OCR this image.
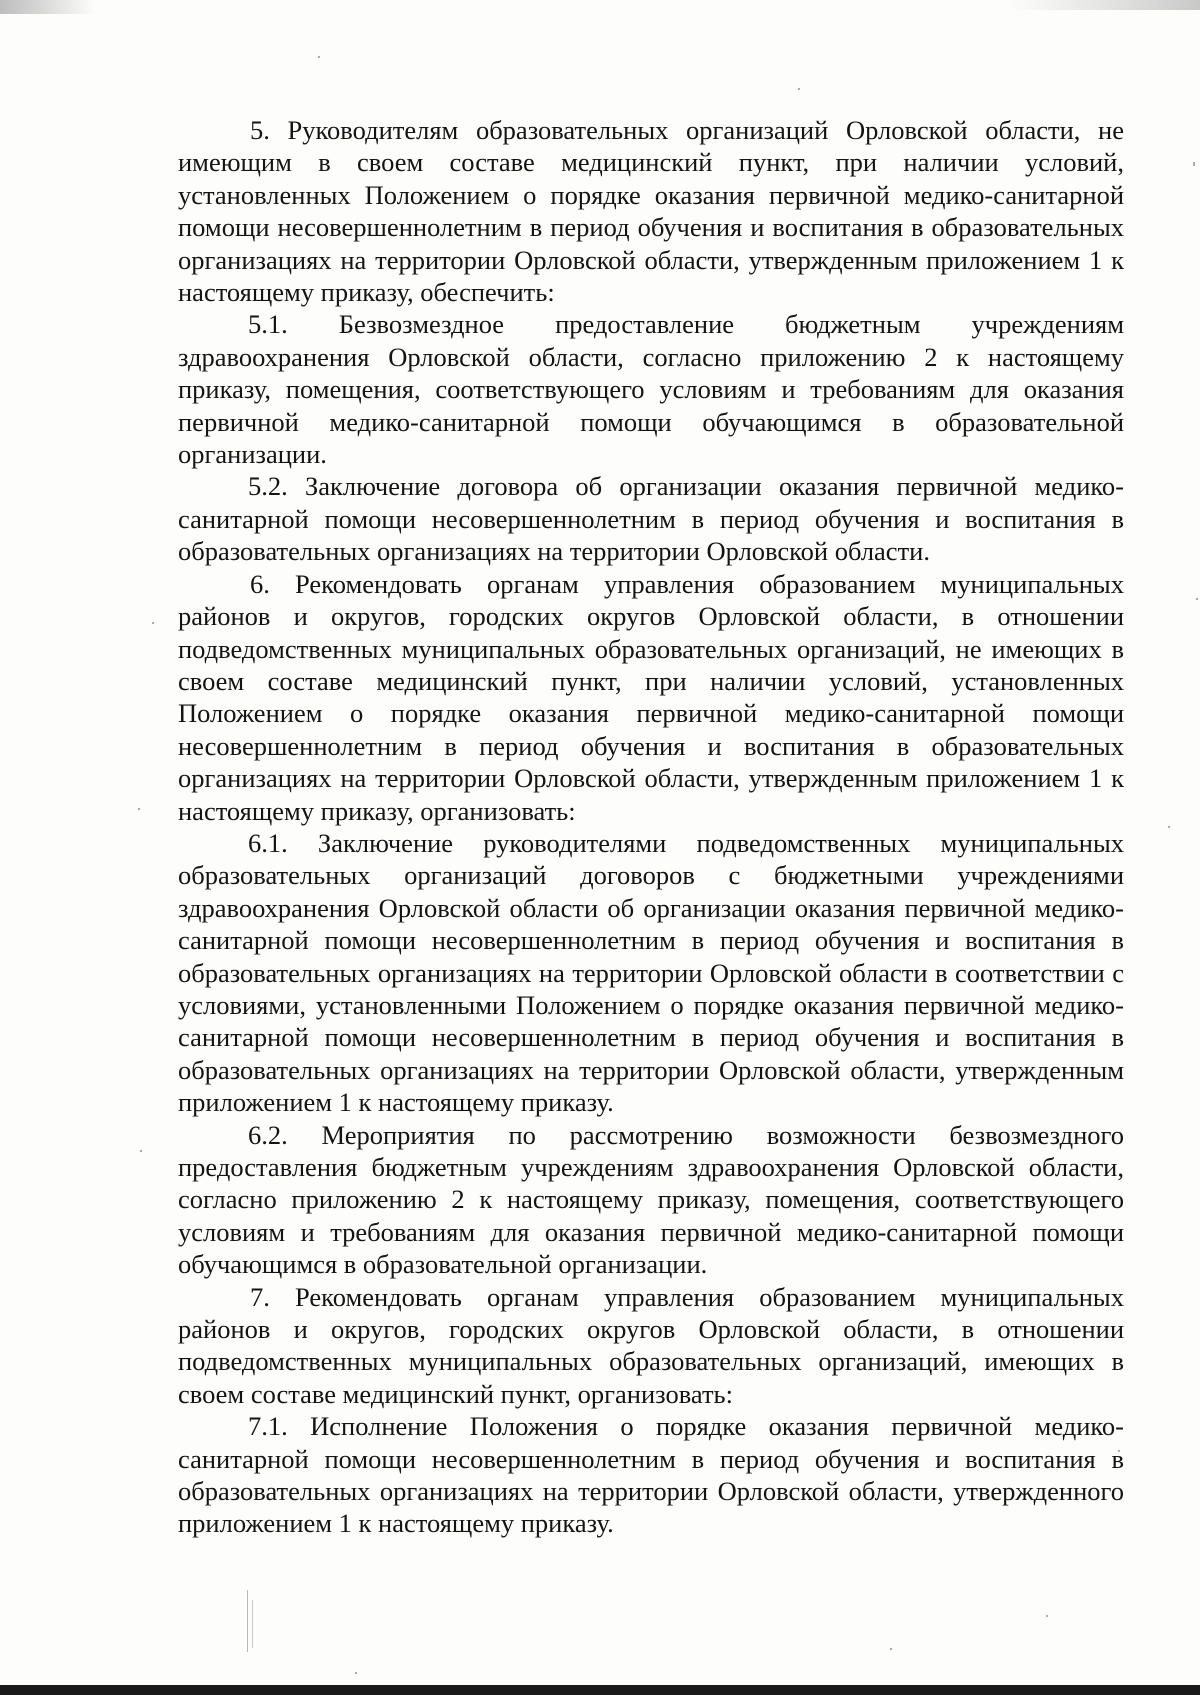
5. Руководителям образовательных организаций Орловской области, не имеющим в своем составе медицинский пункт, при наличии условий, установленных Положением о порядке оказания первичной медико-санитарной помощи несовершеннолетним в период обучения и воспитания в образовательных организациях на территории Орловской области, утвержденным приложением 1 к настоящему приказу, обеспечить:

5.1. Безвозмездное предоставление бюджетным учреждениям здравоохранения Орловской области, согласно приложению 2 к настоящему приказу, помещения, соответствующего условиям и требованиям для оказания первичной медико-санитарной помощи обучающимся в образовательной организации.

5.2. Заключение договора об организации оказания первичной медико-санитарной помощи несовершеннолетним в период обучения и воспитания в образовательных организациях на территории Орловской области.

6. Рекомендовать органам управления образованием муниципальных районов и округов, городских округов Орловской области, в отношении подведомственных муниципальных образовательных организаций, не имеющих в своем составе медицинский пункт, при наличии условий, установленных Положением о порядке оказания первичной медико-санитарной помощи несовершеннолетним в период обучения и воспитания в образовательных организациях на территории Орловской области, утвержденным приложением 1 к настоящему приказу, организовать:

6.1. Заключение руководителями подведомственных муниципальных образовательных организаций договоров с бюджетными учреждениями здравоохранения Орловской области об организации оказания первичной медико-санитарной помощи несовершеннолетним в период обучения и воспитания в образовательных организациях на территории Орловской области в соответствии с условиями, установленными Положением о порядке оказания первичной медико-санитарной помощи несовершеннолетним в период обучения и воспитания в образовательных организациях на территории Орловской области, утвержденным приложением 1 к настоящему приказу.

6.2. Мероприятия по рассмотрению возможности безвозмездного предоставления бюджетным учреждениям здравоохранения Орловской области, согласно приложению 2 к настоящему приказу, помещения, соответствующего условиям и требованиям для оказания первичной медико-санитарной помощи обучающимся в образовательной организации.

7. Рекомендовать органам управления образованием муниципальных районов и округов, городских округов Орловской области, в отношении подведомственных муниципальных образовательных организаций, имеющих в своем составе медицинский пункт, организовать:

7.1. Исполнение Положения о порядке оказания первичной медико-санитарной помощи несовершеннолетним в период обучения и воспитания в образовательных организациях на территории Орловской области, утвержденного приложением 1 к настоящему приказу.
